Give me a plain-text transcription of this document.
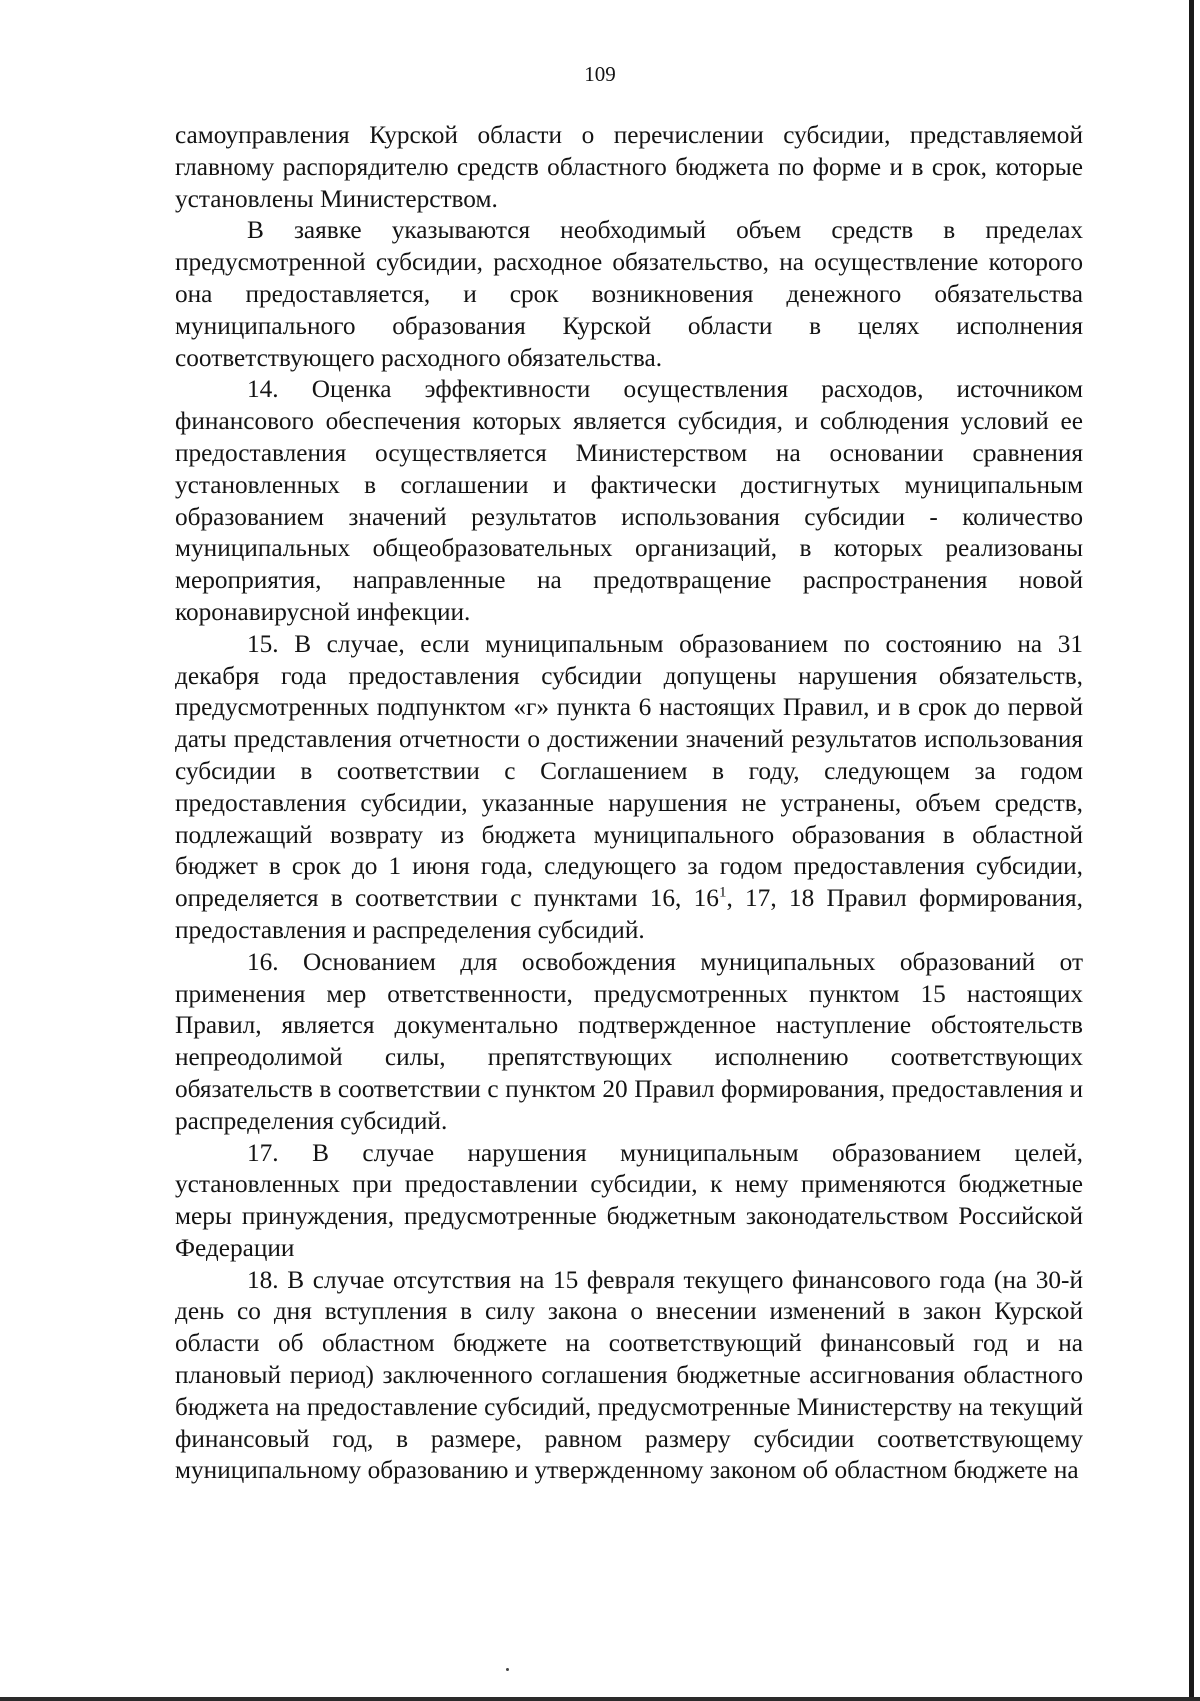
109

самоуправления Курской области о перечислении субсидии, представляемой главному распорядителю средств областного бюджета по форме и в срок, которые установлены Министерством.

В заявке указываются необходимый объем средств в пределах предусмотренной субсидии, расходное обязательство, на осуществление которого она предоставляется, и срок возникновения денежного обязательства муниципального образования Курской области в целях исполнения соответствующего расходного обязательства.

14. Оценка эффективности осуществления расходов, источником финансового обеспечения которых является субсидия, и соблюдения условий ее предоставления осуществляется Министерством на основании сравнения установленных в соглашении и фактически достигнутых муниципальным образованием значений результатов использования субсидии - количество муниципальных общеобразовательных организаций, в которых реализованы мероприятия, направленные на предотвращение распространения новой коронавирусной инфекции.

15. В случае, если муниципальным образованием по состоянию на 31 декабря года предоставления субсидии допущены нарушения обязательств, предусмотренных подпунктом «г» пункта 6 настоящих Правил, и в срок до первой даты представления отчетности о достижении значений результатов использования субсидии в соответствии с Соглашением в году, следующем за годом предоставления субсидии, указанные нарушения не устранены, объем средств, подлежащий возврату из бюджета муниципального образования в областной бюджет в срок до 1 июня года, следующего за годом предоставления субсидии, определяется в соответствии с пунктами 16, $16^1$, 17, 18 Правил формирования, предоставления и распределения субсидий.

16. Основанием для освобождения муниципальных образований от применения мер ответственности, предусмотренных пунктом 15 настоящих Правил, является документально подтвержденное наступление обстоятельств непреодолимой силы, препятствующих исполнению соответствующих обязательств в соответствии с пунктом 20 Правил формирования, предоставления и распределения субсидий.

17. В случае нарушения муниципальным образованием целей, установленных при предоставлении субсидии, к нему применяются бюджетные меры принуждения, предусмотренные бюджетным законодательством Российской Федерации

18. В случае отсутствия на 15 февраля текущего финансового года (на 30-й день со дня вступления в силу закона о внесении изменений в закон Курской области об областном бюджете на соответствующий финансовый год и на плановый период) заключенного соглашения бюджетные ассигнования областного бюджета на предоставление субсидий, предусмотренные Министерству на текущий финансовый год, в размере, равном размеру субсидии соответствующему муниципальному образованию и утвержденному законом об областном бюджете на
